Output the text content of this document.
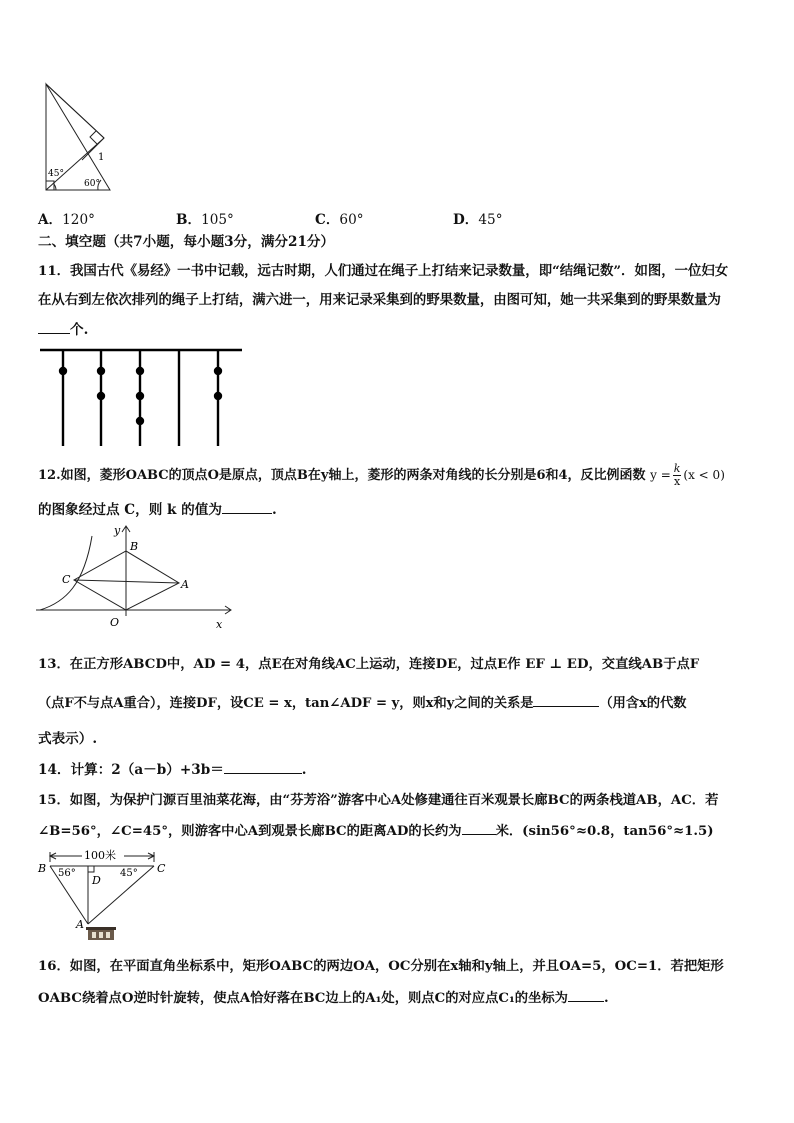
45°
60°
1
A．120°	B．105°	C．60°	D．45°
二、填空题（共7小题，每小题3分，满分21分）
11．我国古代《易经》一书中记载，远古时期，人们通过在绳子上打结来记录数量，即“结绳记数”．如图，一位妇女
在从右到左依次排列的绳子上打结，满六进一，用来记录采集到的野果数量，由图可知，她一共采集到的野果数量为
个.
12.如图，菱形OABC的顶点O是原点，顶点B在y轴上，菱形的两条对角线的长分别是6和4，反比例函数 $y = \frac{k}{x} (x < 0)$
的图象经过点 C，则 k 的值为	.
y
x
B
C	A
O
13．在正方形ABCD中，AD = 4，点E在对角线AC上运动，连接DE，过点E作 EF ⊥ ED，交直线AB于点F
（点F不与点A重合），连接DF，设CE = x，tan∠ADF = y，则x和y之间的关系是	（用含x的代数
式表示）.
14．计算：2（a－b）+3b＝	.
15．如图，为保护门源百里油菜花海，由“芬芳浴”游客中心A处修建通往百米观景长廊BC的两条栈道AB，AC．若
∠B=56°，∠C=45°，则游客中心A到观景长廊BC的距离AD的长约为	米．(sin56°≈0.8，tan56°≈1.5)
100米
B	C
D
A
56°	45°
16．如图，在平面直角坐标系中，矩形OABC的两边OA，OC分别在x轴和y轴上，并且OA=5，OC=1．若把矩形
OABC绕着点O逆时针旋转，使点A恰好落在BC边上的A₁处，则点C的对应点C₁的坐标为	.
